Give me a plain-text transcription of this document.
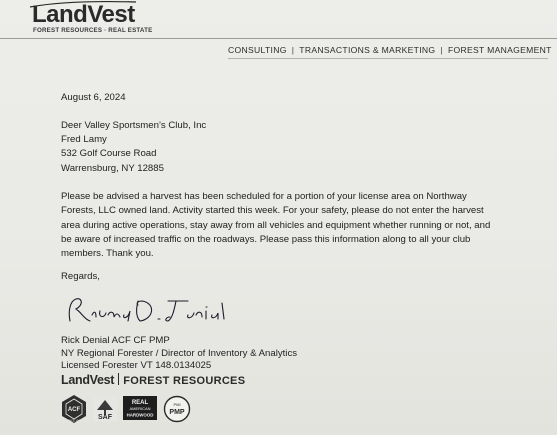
LandVest
FOREST RESOURCES · REAL ESTATE
CONSULTING | TRANSACTIONS & MARKETING | FOREST MANAGEMENT
August 6, 2024
Deer Valley Sportsmen’s Club, Inc
Fred Lamy
532 Golf Course Road
Warrensburg, NY 12885
Please be advised a harvest has been scheduled for a portion of your license area on Northway Forests, LLC owned land. Activity started this week. For your safety, please do not enter the harvest area during active operations, stay away from all vehicles and equipment whether running or not, and be aware of increased traffic on the roadways. Please pass this information along to all your club members. Thank you.
Regards,
Rick Denial ACF CF PMP
NY Regional Forester / Director of Inventory & Analytics
Licensed Forester VT 148.0134025
LandVest FOREST RESOURCES
ACF
SINCE 1948 SAF
REAL
AMERICAN
HARDWOOD
PMI
PMP
